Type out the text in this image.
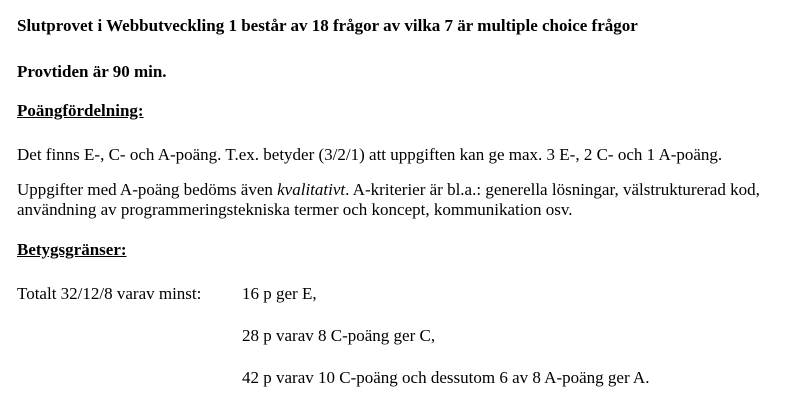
Slutprovet i Webbutveckling 1 består av 18 frågor av vilka 7 är multiple choice frågor
Provtiden är 90 min.
Poängfördelning:
Det finns E-, C- och A-poäng. T.ex. betyder (3/2/1) att uppgiften kan ge max. 3 E-, 2 C- och 1 A-poäng.
Uppgifter med A-poäng bedöms även kvalitativt. A-kriterier är bl.a.: generella lösningar, välstrukturerad kod, användning av programmeringstekniska termer och koncept, kommunikation osv.
Betygsgränser:
Totalt 32/12/8 varav minst: 16 p ger E,
28 p varav 8 C-poäng ger C,
42 p varav 10 C-poäng och dessutom 6 av 8 A-poäng ger A.
